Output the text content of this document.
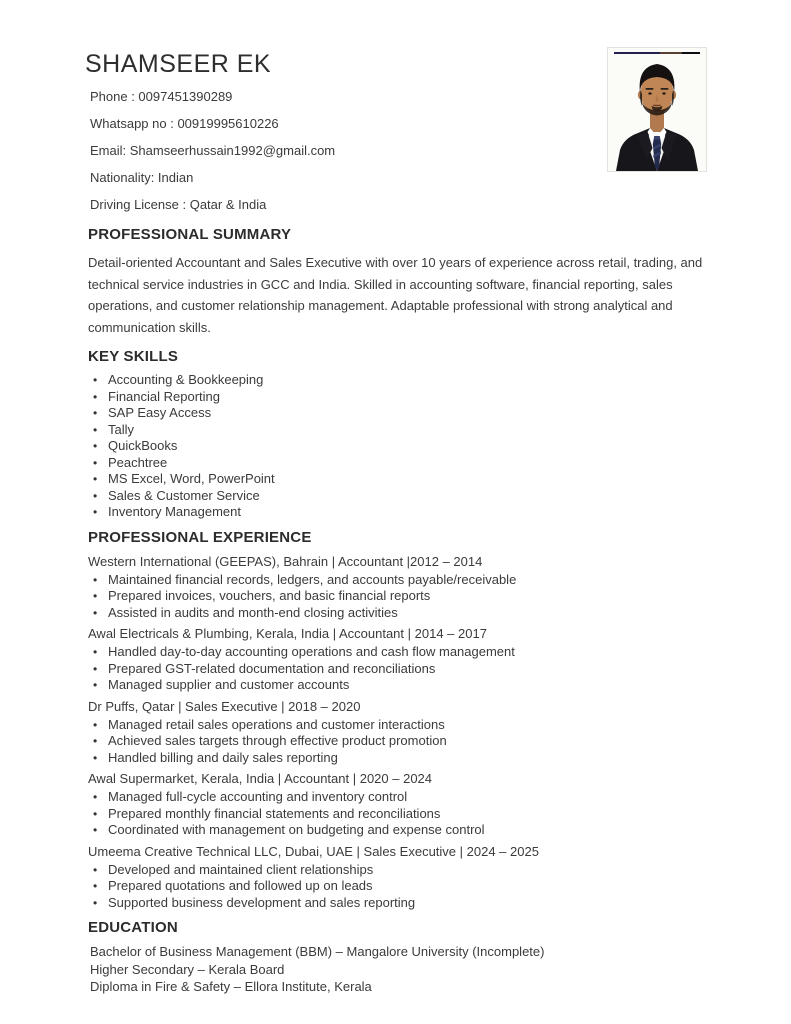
SHAMSEER EK

Phone : 0097451390289

Whatsapp no : 00919995610226

Email: Shamseerhussain1992@gmail.com

Nationality: Indian

Driving License : Qatar & India

PROFESSIONAL SUMMARY

Detail-oriented Accountant and Sales Executive with over 10 years of experience across retail, trading, and technical service industries in GCC and India. Skilled in accounting software, financial reporting, sales operations, and customer relationship management. Adaptable professional with strong analytical and communication skills.

KEY SKILLS
• Accounting & Bookkeeping
• Financial Reporting
• SAP Easy Access
• Tally
• QuickBooks
• Peachtree
• MS Excel, Word, PowerPoint
• Sales & Customer Service
• Inventory Management
PROFESSIONAL EXPERIENCE

Western International (GEEPAS), Bahrain | Accountant |2012 – 2014

• Maintained financial records, ledgers, and accounts payable/receivable
• Prepared invoices, vouchers, and basic financial reports
• Assisted in audits and month-end closing activities

Awal Electricals & Plumbing, Kerala, India | Accountant | 2014 – 2017

• Handled day-to-day accounting operations and cash flow management
• Prepared GST-related documentation and reconciliations
• Managed supplier and customer accounts

Dr Puffs, Qatar | Sales Executive | 2018 – 2020

• Managed retail sales operations and customer interactions
• Achieved sales targets through effective product promotion
• Handled billing and daily sales reporting

Awal Supermarket, Kerala, India | Accountant | 2020 – 2024

• Managed full-cycle accounting and inventory control
• Prepared monthly financial statements and reconciliations
• Coordinated with management on budgeting and expense control

Umeema Creative Technical LLC, Dubai, UAE | Sales Executive | 2024 – 2025

• Developed and maintained client relationships
• Prepared quotations and followed up on leads
• Supported business development and sales reporting
EDUCATION

Bachelor of Business Management (BBM) – Mangalore University (Incomplete)

Higher Secondary – Kerala Board

Diploma in Fire & Safety – Ellora Institute, Kerala
